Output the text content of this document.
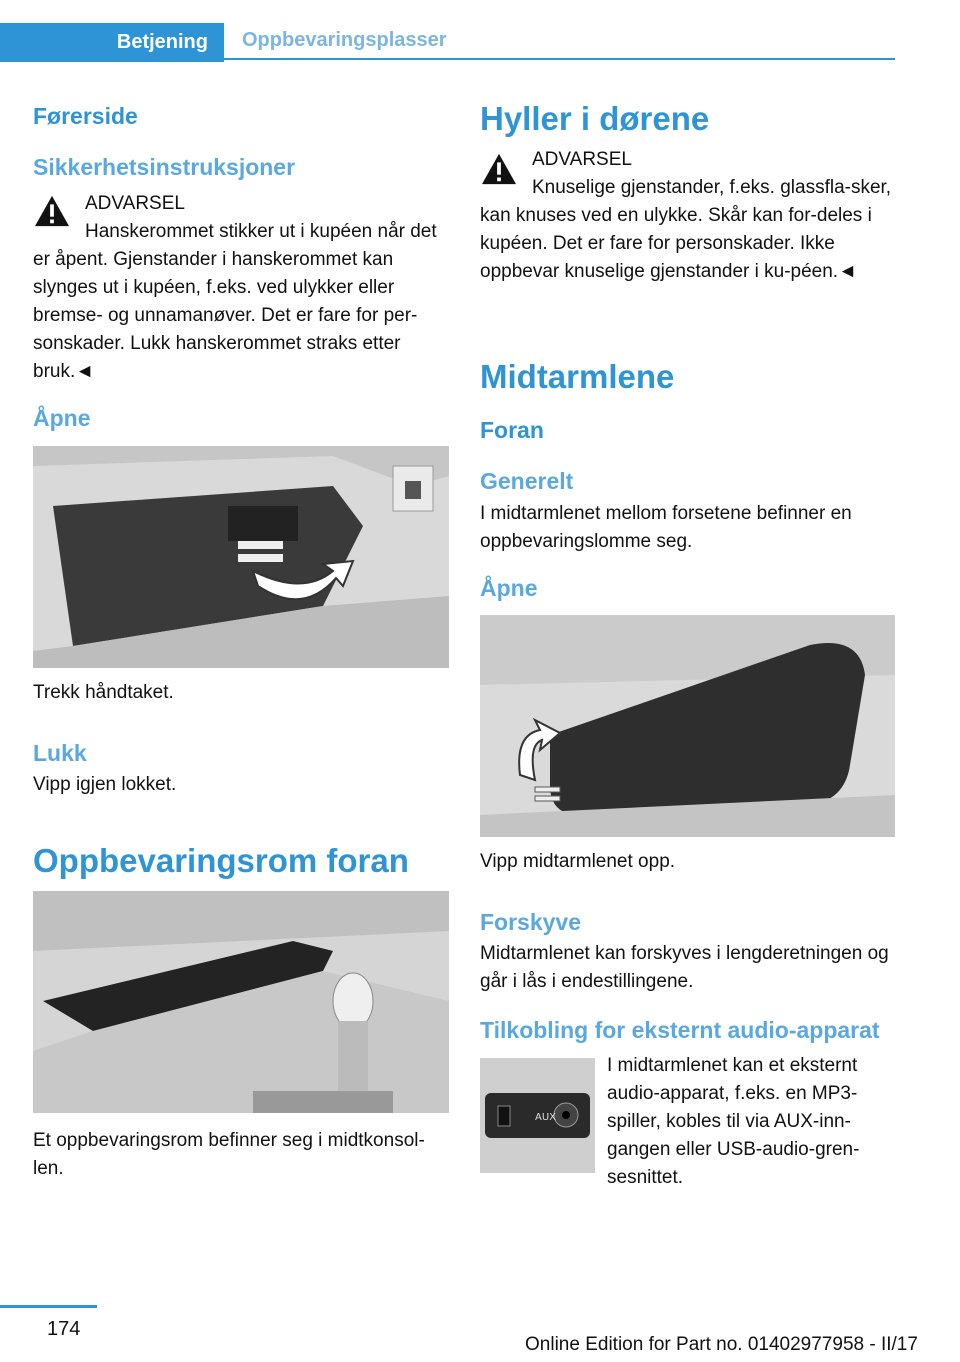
Betjening	Oppbevaringsplasser
Førerside
Sikkerhetsinstruksjoner
ADVARSEL
Hanskerommet stikker ut i kupéen når det er åpent. Gjenstander i hanskerommet kan slynges ut i kupéen, f.eks. ved ulykker eller bremse- og unnamanøver. Det er fare for per-sonskader. Lukk hanskerommet straks etter bruk.◄
Åpne

Trekk håndtaket.

Lukk

Vipp igjen lokket.

Oppbevaringsrom foran

Et oppbevaringsrom befinner seg i midtkonsol-len.

Hyller i dørene
ADVARSEL
Knuselige gjenstander, f.eks. glassfla-sker, kan knuses ved en ulykke. Skår kan for-deles i kupéen. Det er fare for personskader. Ikke oppbevar knuselige gjenstander i ku-péen.◄
Midtarmlene
Foran
Generelt

I midtarmlenet mellom forsetene befinner en oppbevaringslomme seg.

Åpne

Vipp midtarmlenet opp.

Forskyve

Midtarmlenet kan forskyves i lengderetningen og går i lås i endestillingene.

Tilkobling for eksternt audio-apparat
AUX

I midtarmlenet kan et eksternt audio-apparat, f.eks. en MP3-spiller, kobles til via AUX-inn-gangen eller USB-audio-gren-sesnittet.

174
Online Edition for Part no. 01402977958 - II/17
